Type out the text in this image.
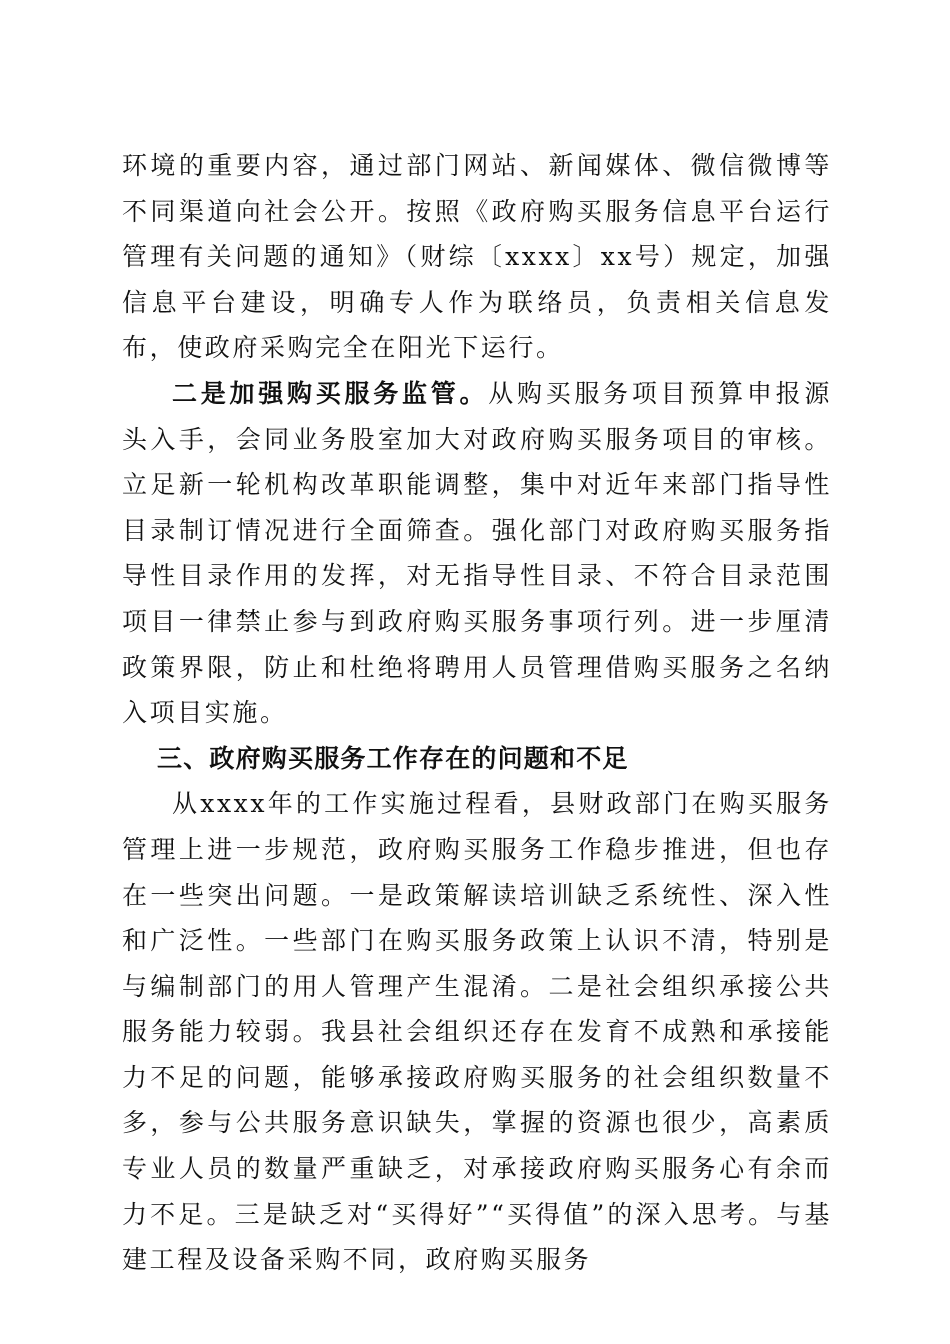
环境的重要内容，通过部门网站、新闻媒体、微信微博等不同渠道向社会公开。按照《政府购买服务信息平台运行管理有关问题的通知》（财综〔xxxx〕xx号）规定，加强信息平台建设，明确专人作为联络员，负责相关信息发布，使政府采购完全在阳光下运行。

二是加强购买服务监管。从购买服务项目预算申报源头入手，会同业务股室加大对政府购买服务项目的审核。立足新一轮机构改革职能调整，集中对近年来部门指导性目录制订情况进行全面筛查。强化部门对政府购买服务指导性目录作用的发挥，对无指导性目录、不符合目录范围项目一律禁止参与到政府购买服务事项行列。进一步厘清政策界限，防止和杜绝将聘用人员管理借购买服务之名纳入项目实施。

三、政府购买服务工作存在的问题和不足

从xxxx年的工作实施过程看，县财政部门在购买服务管理上进一步规范，政府购买服务工作稳步推进，但也存在一些突出问题。一是政策解读培训缺乏系统性、深入性和广泛性。一些部门在购买服务政策上认识不清，特别是与编制部门的用人管理产生混淆。二是社会组织承接公共服务能力较弱。我县社会组织还存在发育不成熟和承接能力不足的问题，能够承接政府购买服务的社会组织数量不多，参与公共服务意识缺失，掌握的资源也很少，高素质专业人员的数量严重缺乏，对承接政府购买服务心有余而力不足。三是缺乏对“买得好”“买得值”的深入思考。与基建工程及设备采购不同，政府购买服务
